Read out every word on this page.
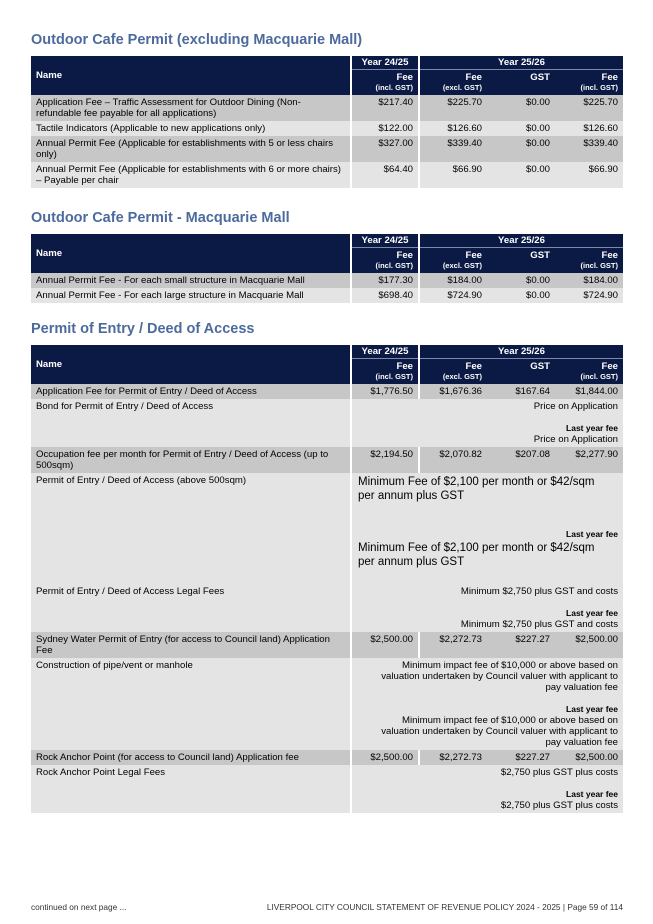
Outdoor Cafe Permit (excluding Macquarie Mall)
Name	Year 24/25	Year 25/26		
	Fee	Fee	GST	Fee
	(incl. GST)	(excl. GST)		(incl. GST)
Application Fee – Traffic Assessment for Outdoor Dining (Non-refundable fee payable for all applications)	$217.40	$225.70	$0.00	$225.70
Tactile Indicators (Applicable to new applications only)	$122.00	$126.60	$0.00	$126.60
Annual Permit Fee (Applicable for establishments with 5 or less chairs only)	$327.00	$339.40	$0.00	$339.40
Annual Permit Fee (Applicable for establishments with 6 or more chairs) – Payable per chair	$64.40	$66.90	$0.00	$66.90
Outdoor Cafe Permit - Macquarie Mall
Name	Year 24/25	Year 25/26		
	Fee	Fee	GST	Fee
	(incl. GST)	(excl. GST)		(incl. GST)
Annual Permit Fee - For each small structure in Macquarie Mall	$177.30	$184.00	$0.00	$184.00
Annual Permit Fee - For each large structure in Macquarie Mall	$698.40	$724.90	$0.00	$724.90
Permit of Entry / Deed of Access
Name	Year 24/25	Year 25/26		
	Fee	Fee	GST	Fee
	(incl. GST)	(excl. GST)		(incl. GST)
Application Fee for Permit of Entry / Deed of Access	$1,776.50	$1,676.36	$167.64	$1,844.00
Bond for Permit of Entry / Deed of Access	Price on Application
Last year fee
Price on Application			

Occupation fee per month for Permit of Entry / Deed of Access (up to 500sqm)	$2,194.50	$2,070.82	$207.08	$2,277.90
Permit of Entry / Deed of Access (above 500sqm)	Minimum Fee of $2,100 per month or $42/sqm per annum plus GST
Last year fee
Minimum Fee of $2,100 per month or $42/sqm per annum plus GST			

Permit of Entry / Deed of Access Legal Fees	Minimum $2,750 plus GST and costs
Last year fee
Minimum $2,750 plus GST and costs			

Sydney Water Permit of Entry (for access to Council land) Application Fee	$2,500.00	$2,272.73	$227.27	$2,500.00
Construction of pipe/vent or manhole	Minimum impact fee of $10,000 or above based on valuation undertaken by Council valuer with applicant to pay valuation fee
Last year fee
Minimum impact fee of $10,000 or above based on valuation undertaken by Council valuer with applicant to pay valuation fee			

Rock Anchor Point (for access to Council land) Application fee	$2,500.00	$2,272.73	$227.27	$2,500.00
Rock Anchor Point Legal Fees	$2,750 plus GST plus costs
Last year fee
$2,750 plus GST plus costs			
continued on next page ...	LIVERPOOL CITY COUNCIL STATEMENT OF REVENUE POLICY 2024 - 2025 | Page 59 of 114
